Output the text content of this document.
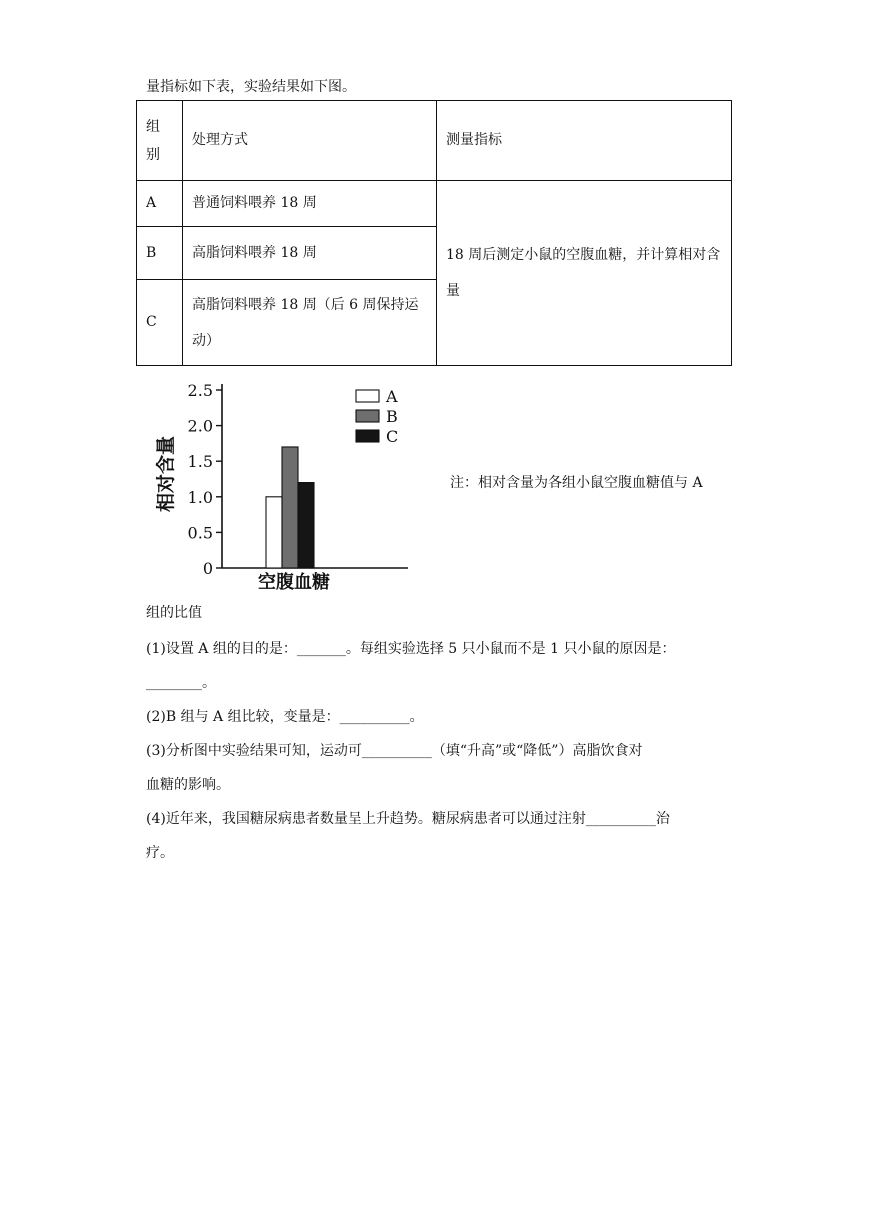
量指标如下表，实验结果如下图。
组别	处理方式	测量指标
A	普通饲料喂养 18 周	18 周后测定小鼠的空腹血糖，并计算相对含量
B	高脂饲料喂养 18 周	
C	高脂饲料喂养 18 周（后 6 周保持运动）	
0
0.5
1.0
1.5
2.0
2.5
相对含量
空腹血糖
A
B
C
注：相对含量为各组小鼠空腹血糖值与 A
组的比值
(1)设置 A 组的目的是：_______。每组实验选择 5 只小鼠而不是 1 只小鼠的原因是：
________。
(2)B 组与 A 组比较，变量是：__________。
(3)分析图中实验结果可知，运动可__________（填“升高”或“降低”）高脂饮食对
血糖的影响。
(4)近年来，我国糖尿病患者数量呈上升趋势。糖尿病患者可以通过注射__________治
疗。
